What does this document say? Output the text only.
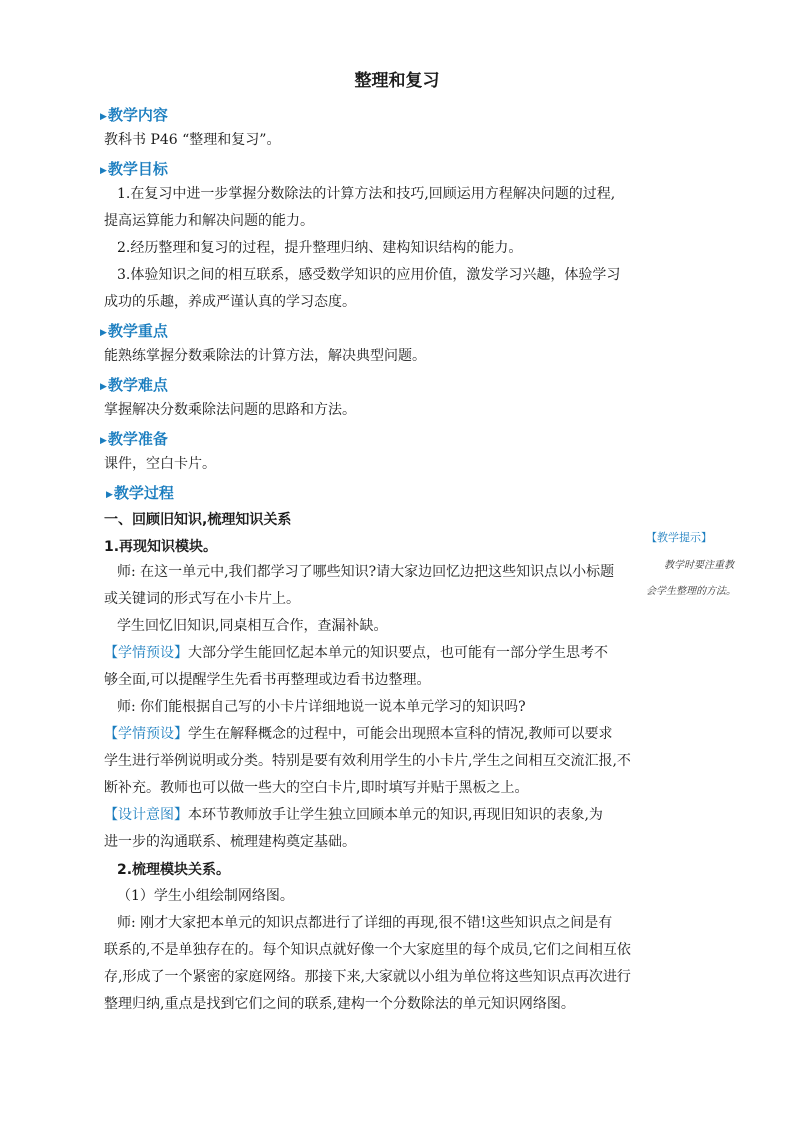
整理和复习
▶教学内容
教科书 P46 “整理和复习”。
▶教学目标
1.在复习中进一步掌握分数除法的计算方法和技巧,回顾运用方程解决问题的过程,
提高运算能力和解决问题的能力。
2.经历整理和复习的过程，提升整理归纳、建构知识结构的能力。
3.体验知识之间的相互联系，感受数学知识的应用价值，激发学习兴趣，体验学习
成功的乐趣，养成严谨认真的学习态度。
▶教学重点
能熟练掌握分数乘除法的计算方法，解决典型问题。
▶教学难点
掌握解决分数乘除法问题的思路和方法。
▶教学准备
课件，空白卡片。
▶教学过程
一、回顾旧知识,梳理知识关系
1.再现知识模块。
师: 在这一单元中,我们都学习了哪些知识?请大家边回忆边把这些知识点以小标题
或关键词的形式写在小卡片上。
学生回忆旧知识,同桌相互合作，查漏补缺。
【学情预设】大部分学生能回忆起本单元的知识要点，也可能有一部分学生思考不
够全面,可以提醒学生先看书再整理或边看书边整理。
师: 你们能根据自己写的小卡片详细地说一说本单元学习的知识吗?
【学情预设】学生在解释概念的过程中，可能会出现照本宣科的情况,教师可以要求
学生进行举例说明或分类。特别是要有效利用学生的小卡片,学生之间相互交流汇报,不
断补充。教师也可以做一些大的空白卡片,即时填写并贴于黑板之上。
【设计意图】本环节教师放手让学生独立回顾本单元的知识,再现旧知识的表象,为
进一步的沟通联系、梳理建构奠定基础。
2.梳理模块关系。
（1）学生小组绘制网络图。
师: 刚才大家把本单元的知识点都进行了详细的再现,很不错!这些知识点之间是有
联系的,不是单独存在的。每个知识点就好像一个大家庭里的每个成员,它们之间相互依
存,形成了一个紧密的家庭网络。那接下来,大家就以小组为单位将这些知识点再次进行
整理归纳,重点是找到它们之间的联系,建构一个分数除法的单元知识网络图。
【教学提示】
教学时要注重教
会学生整理的方法。
